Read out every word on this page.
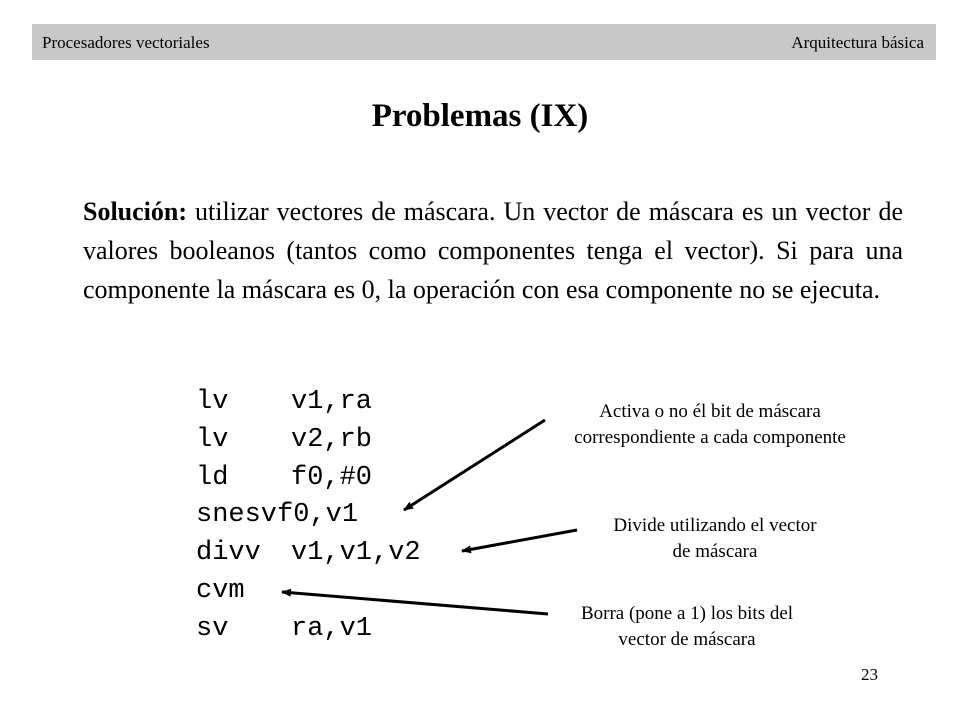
Procesadores vectoriales	Arquitectura básica
Problemas (IX)
Solución: utilizar vectores de máscara. Un vector de máscara es un vector de valores booleanos (tantos como componentes tenga el vector). Si para una componente la máscara es 0, la operación con esa componente no se ejecuta.
lv v1,ra
lv v2,rb
ld f0,#0
snesvf0,v1
divv v1,v1,v2
cvm
sv ra,v1
Activa o no él bit de máscara
correspondiente a cada componente
Divide utilizando el vector
de máscara
Borra (pone a 1) los bits del
vector de máscara
23
